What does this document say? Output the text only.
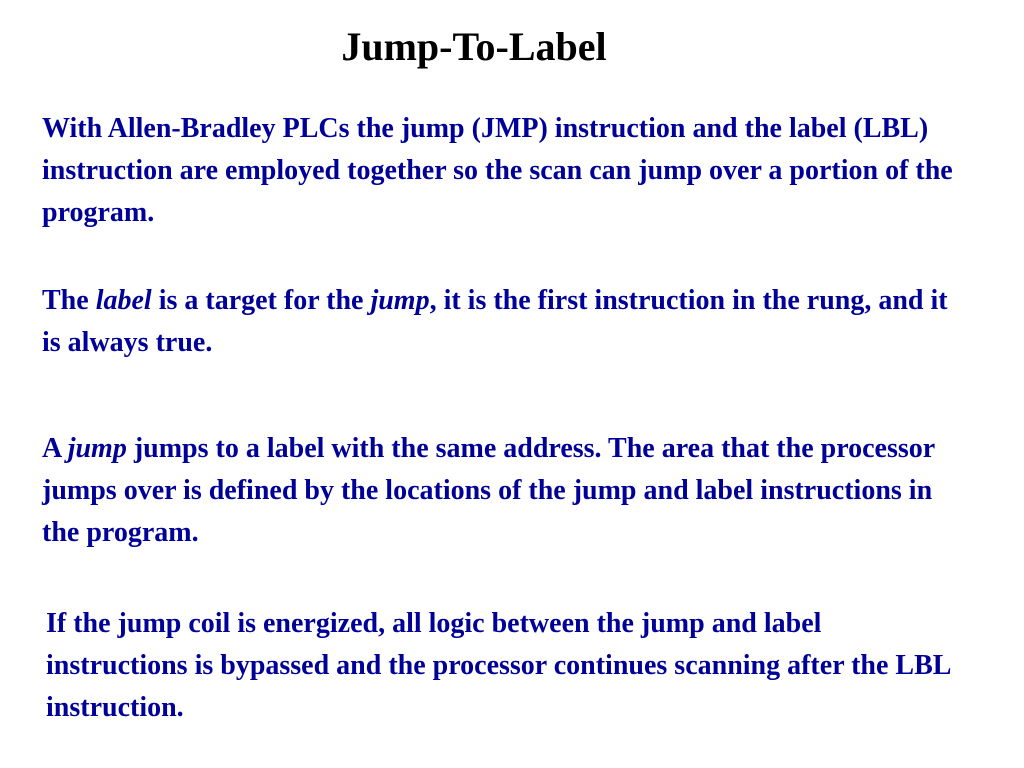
Jump-To-Label

With Allen-Bradley PLCs the jump (JMP) instruction and the label (LBL) instruction are employed together so the scan can jump over a portion of the program.

The label is a target for the jump, it is the first instruction in the rung, and it is always true.

A jump jumps to a label with the same address. The area that the processor jumps over is defined by the locations of the jump and label instructions in the program.

If the jump coil is energized, all logic between the jump and label instructions is bypassed and the processor continues scanning after the LBL instruction.
